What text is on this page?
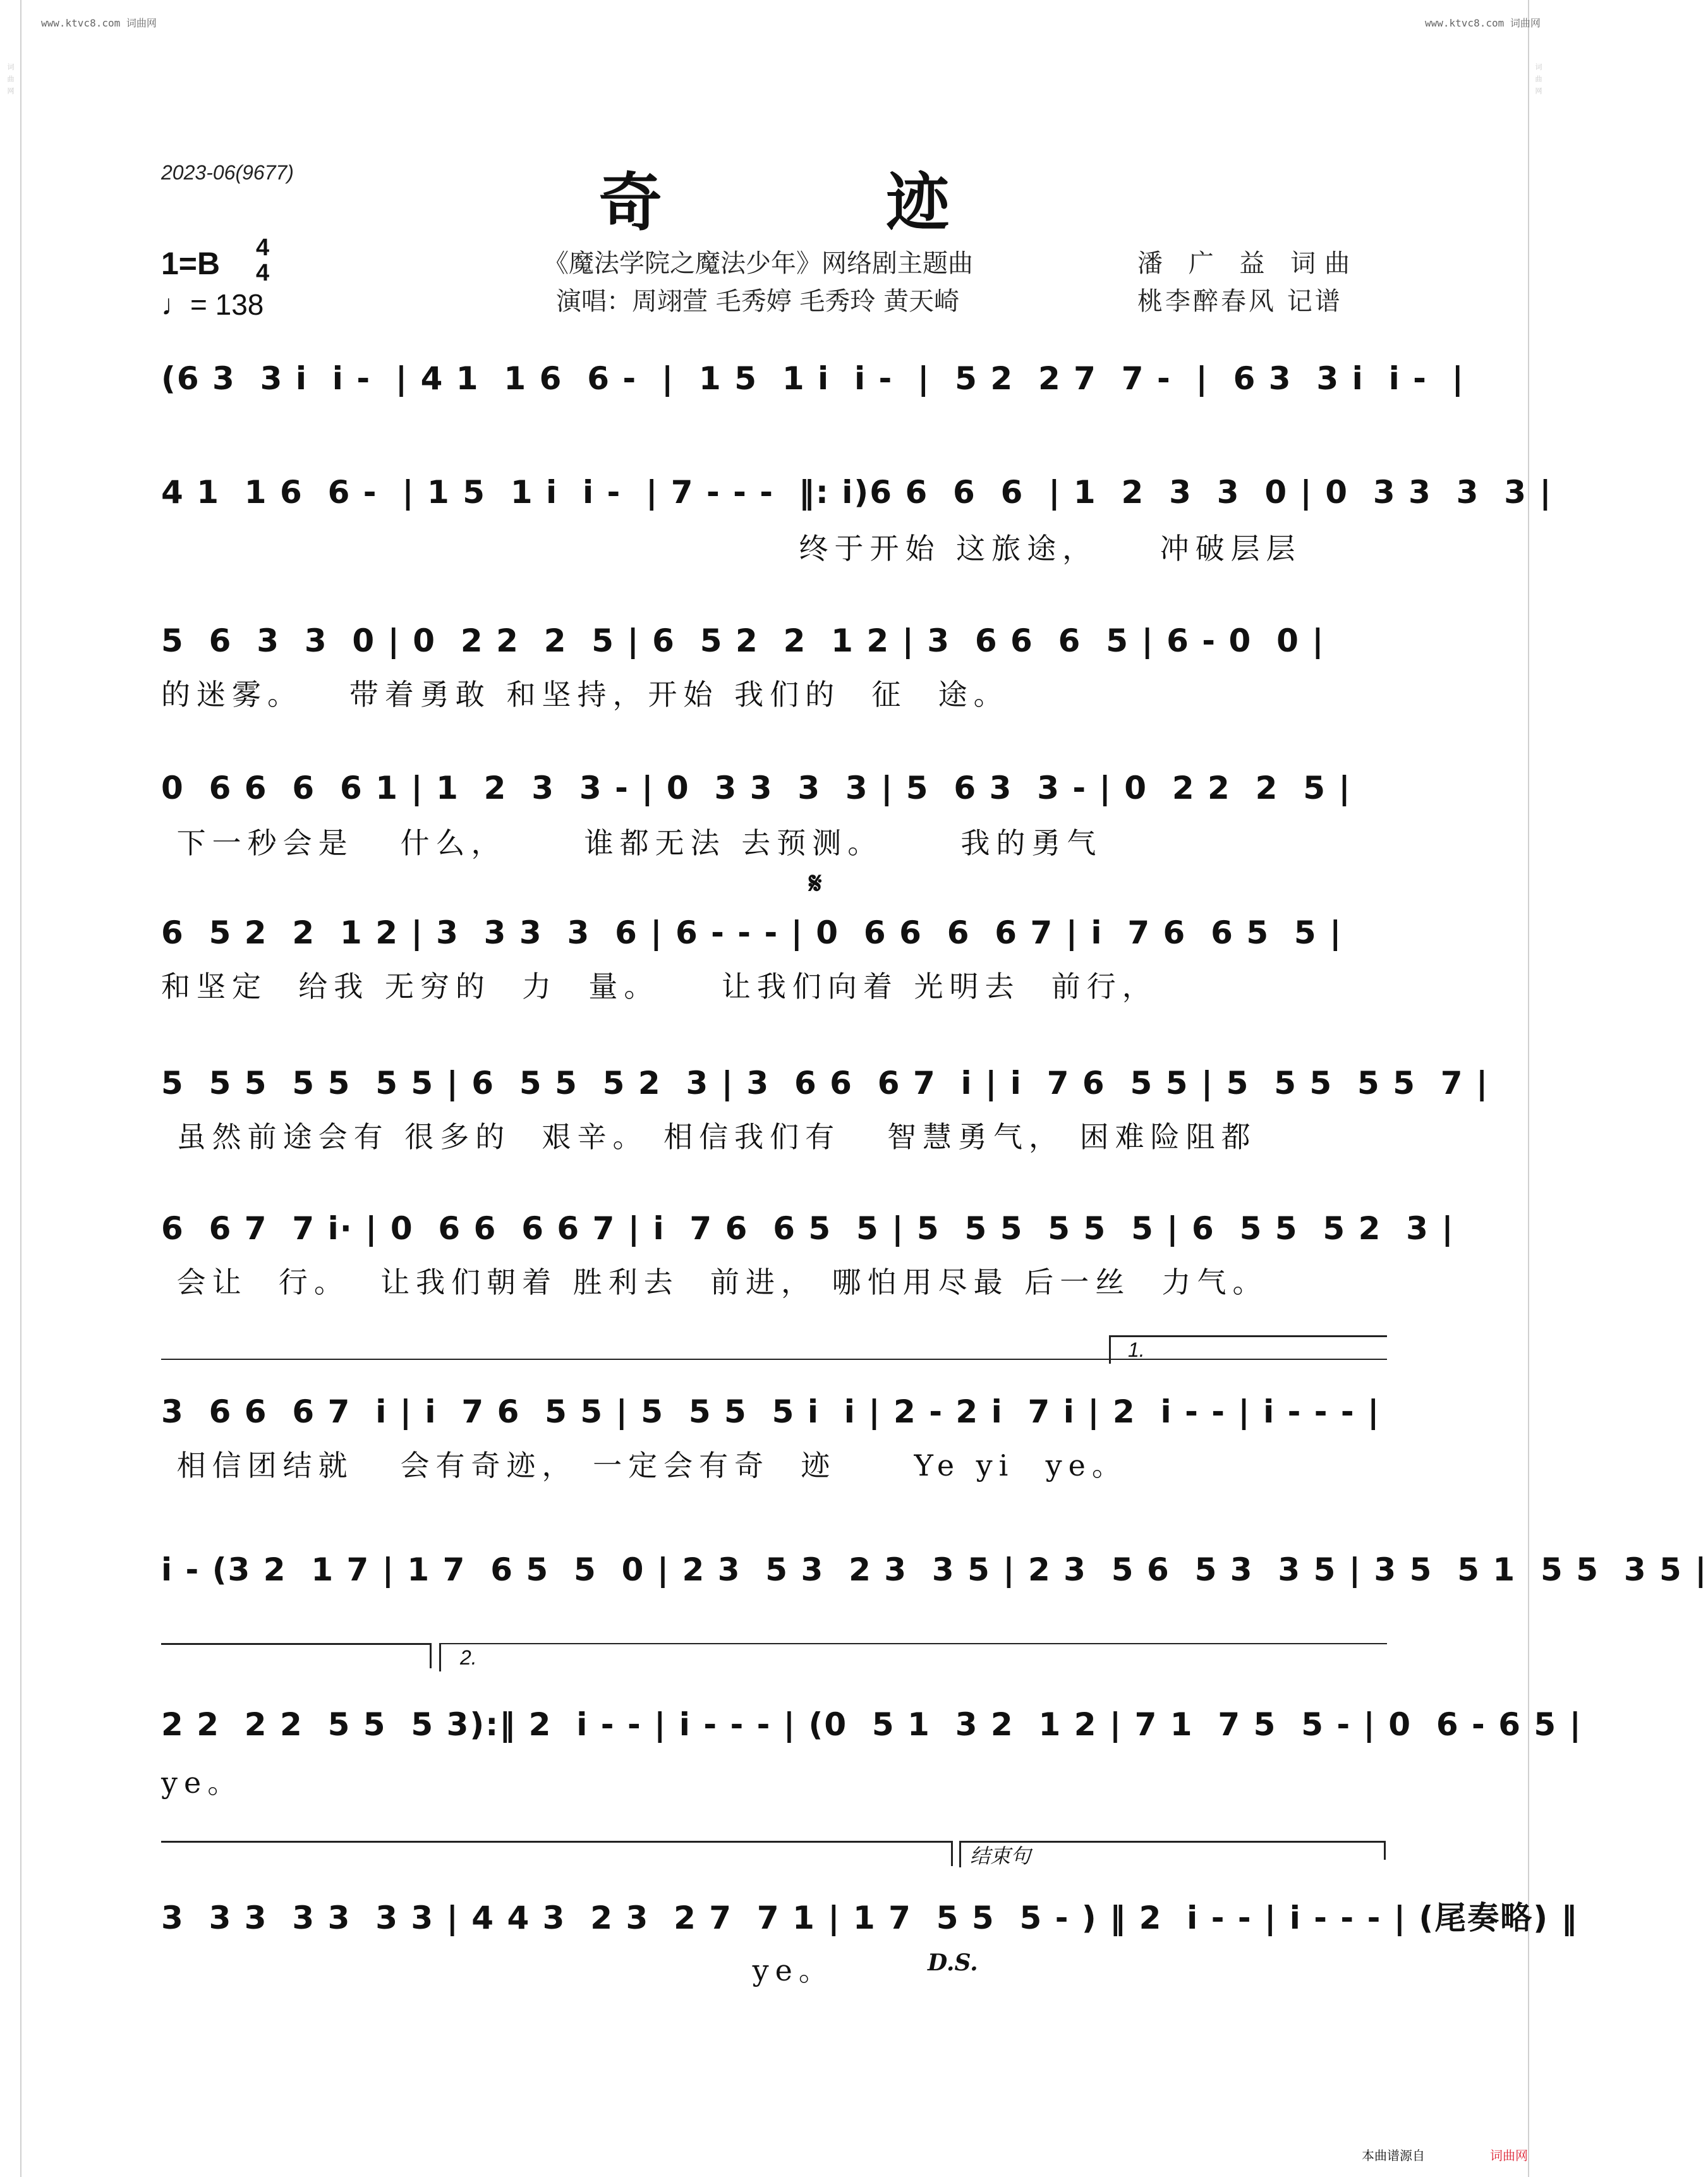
词曲网	词曲网
www.ktvc8.com 词曲网	www.ktvc8.com 词曲网
2023-06(9677)	奇 迹
1=B 4
4
♩= 138
《魔法学院之魔法少年》网络剧主题曲
演唱：周翊萱 毛秀婷 毛秀玲 黄天崎
潘 广 益 词曲
桃李醉春风 记谱
1.
2.
结束句
𝄋
D.S.
(6 3  3 i  i -  | 4 1  1 6  6 -  |  1 5  1 i  i -  |  5 2  2 7  7 -  |  6 3  3 i  i -  |
4 1  1 6  6 -  | 1 5  1 i  i -  | 7 - - -  ‖: i)6 6  6  6  | 1  2  3  3  0 | 0  3 3  3  3 |
终于开始 这旅途，    冲破层层
5  6  3  3  0 | 0  2 2  2  5 | 6  5 2  2  1 2 | 3  6 6  6  5 | 6 - 0  0 |
的迷雾。   带着勇敢 和坚持，开始 我们的  征  途。
0  6 6  6  6 1 | 1  2  3  3 - | 0  3 3  3  3 | 5  6 3  3 - | 0  2 2  2  5 |
下一秒会是   什么，     谁都无法 去预测。     我的勇气
6  5 2  2  1 2 | 3  3 3  3  6 | 6 - - - | 0  6 6  6  6 7 | i  7 6  6 5  5 |
和坚定  给我 无穷的  力  量。    让我们向着 光明去  前行，
5  5 5  5 5  5 5 | 6  5 5  5 2  3 | 3  6 6  6 7  i | i  7 6  5 5 | 5  5 5  5 5  7 |
虽然前途会有 很多的  艰辛。 相信我们有   智慧勇气， 困难险阻都
6  6 7  7 i· | 0  6 6  6 6 7 | i  7 6  6 5  5 | 5  5 5  5 5  5 | 6  5 5  5 2  3 |
会让  行。  让我们朝着 胜利去  前进， 哪怕用尽最 后一丝  力气。
3  6 6  6 7  i | i  7 6  5 5 | 5  5 5  5 i  i | 2 - 2 i  7 i | 2  i - - | i - - - |
相信团结就   会有奇迹， 一定会有奇  迹     Ye yi  ye。
i - (3 2  1 7 | 1 7  6 5  5  0 | 2 3  5 3  2 3  3 5 | 2 3  5 6  5 3  3 5 | 3 5  5 1  5 5  3 5 |
2 2  2 2  5 5  5 3):‖ 2  i - - | i - - - | (0  5 1  3 2  1 2 | 7 1  7 5  5 - | 0  6 - 6 5 |
ye。
3  3 3  3 3  3 3 | 4 4 3  2 3  2 7  7 1 | 1 7  5 5  5 - ) ‖ 2  i - - | i - - - | (尾奏略) ‖
ye。
本曲谱源自	词曲网
